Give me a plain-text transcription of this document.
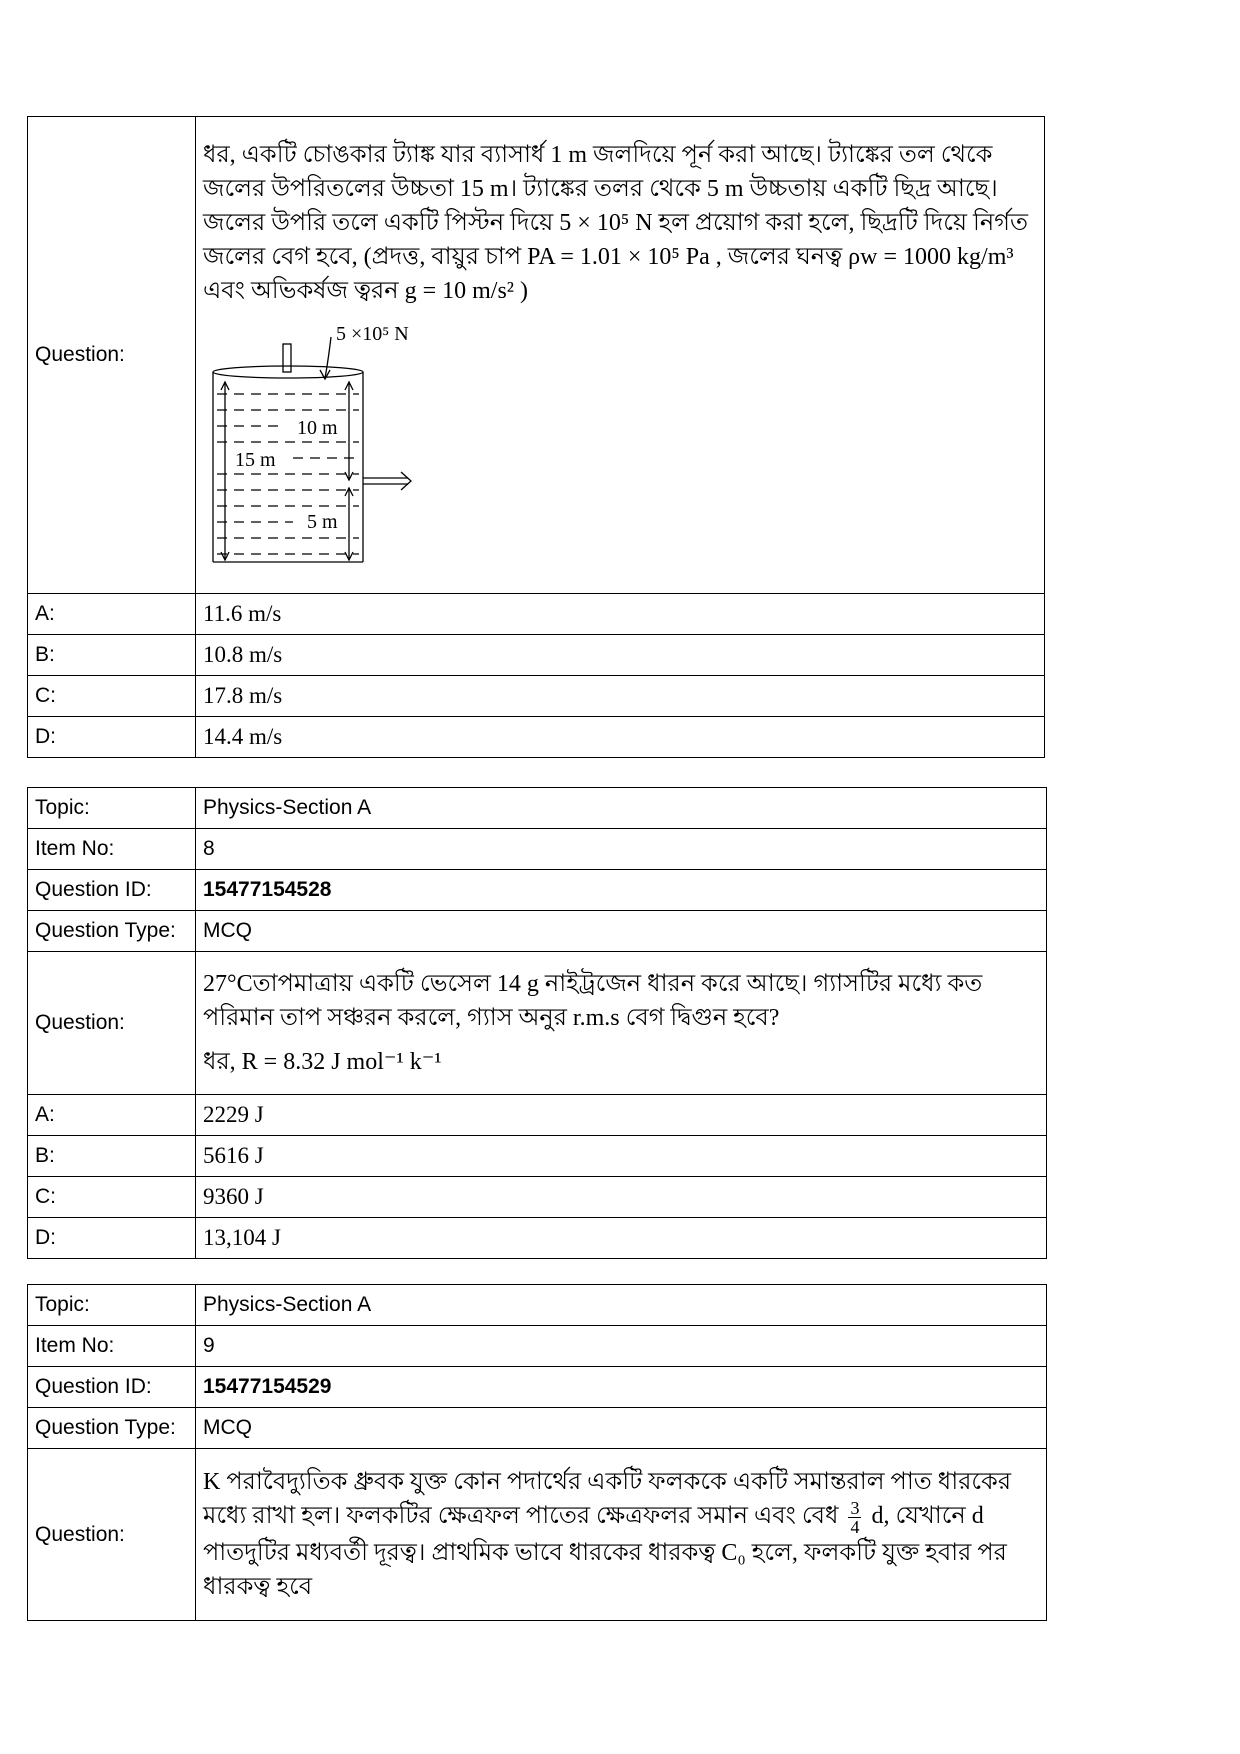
Question:	ধর, একটি চোঙকার ট্যাঙ্ক যার ব্যাসার্ধ 1 m জলদিয়ে পূর্ন করা আছে। ট্যাঙ্কের তল থেকে জলের উপরিতলের উচ্চতা 15 m। ট্যাঙ্কের তলর থেকে 5 m উচ্চতায় একটি ছিদ্র আছে। জলের উপরি তলে একটি পিস্টন দিয়ে 5 × 10⁵ N হল প্রয়োগ করা হলে, ছিদ্রটি দিয়ে নির্গত জলের বেগ হবে, (প্রদত্ত, বায়ুর চাপ PA = 1.01 × 10⁵ Pa , জলের ঘনত্ব ρw = 1000 kg/m³ এবং অভিকর্ষজ ত্বরন g = 10 m/s² )
5 ×10⁵ N
10 m
15 m
5 m

A:	11.6 m/s
B:	10.8 m/s
C:	17.8 m/s
D:	14.4 m/s
Topic:	Physics-Section A
Item No:	8
Question ID:	15477154528
Question Type:	MCQ
Question:	27°Cতাপমাত্রায় একটি ভেসেল 14 g নাইট্রজেন ধারন করে আছে। গ্যাসটির মধ্যে কত পরিমান তাপ সঞ্চরন করলে, গ্যাস অনুর r.m.s বেগ দ্বিগুন হবে?
ধর, R = 8.32 J mol⁻¹ k⁻¹

A:	2229 J
B:	5616 J
C:	9360 J
D:	13,104 J
Topic:	Physics-Section A
Item No:	9
Question ID:	15477154529
Question Type:	MCQ
Question:	K পরাবৈদ্যুতিক ধ্রুবক যুক্ত কোন পদার্থের একটি ফলককে একটি সমান্তরাল পাত ধারকের মধ্যে রাখা হল। ফলকটির ক্ষেত্রফল পাতের ক্ষেত্রফলর সমান এবং বেধ $\frac{3}{4} d$, যেখানে d পাতদুটির মধ্যবর্তী দূরত্ব। প্রাথমিক ভাবে ধারকের ধারকত্ব C₀ হলে, ফলকটি যুক্ত হবার পর ধারকত্ব হবে
